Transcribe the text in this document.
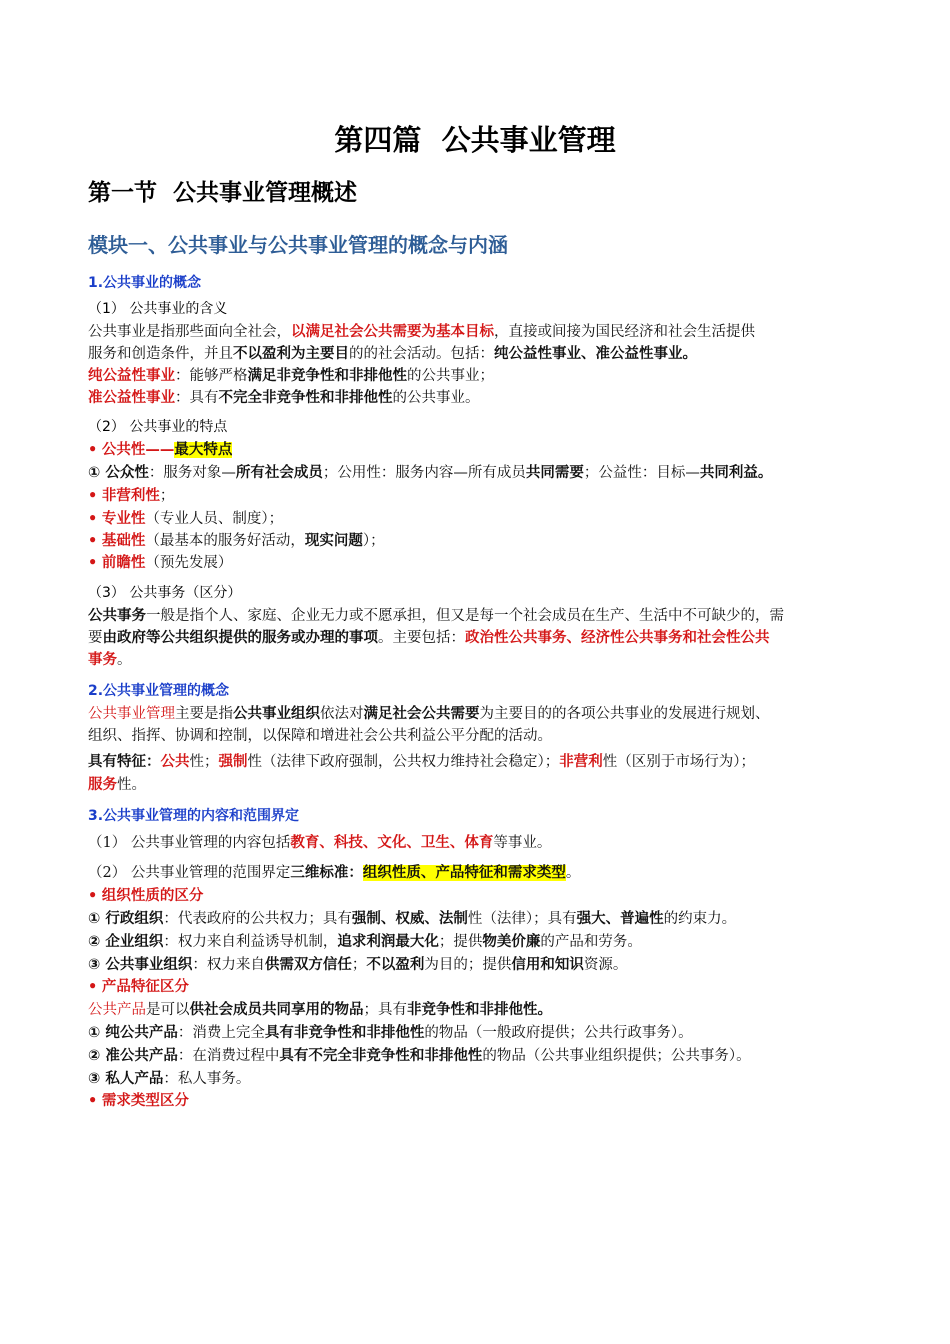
第四篇  公共事业管理
第一节  公共事业管理概述
模块一、公共事业与公共事业管理的概念与内涵
1.公共事业的概念
（1） 公共事业的含义
公共事业是指那些面向全社会，以满足社会公共需要为基本目标，直接或间接为国民经济和社会生活提供
服务和创造条件，并且不以盈利为主要目的的社会活动。包括：纯公益性事业、准公益性事业。
纯公益性事业：能够严格满足非竞争性和非排他性的公共事业；
准公益性事业：具有不完全非竞争性和非排他性的公共事业。
（2） 公共事业的特点
• 公共性——最大特点
① 公众性：服务对象—所有社会成员；公用性：服务内容—所有成员共同需要；公益性：目标—共同利益。
• 非营利性；
• 专业性（专业人员、制度）；
• 基础性（最基本的服务好活动，现实问题）；
• 前瞻性（预先发展）
（3） 公共事务（区分）
公共事务一般是指个人、家庭、企业无力或不愿承担，但又是每一个社会成员在生产、生活中不可缺少的，需
要由政府等公共组织提供的服务或办理的事项。主要包括：政治性公共事务、经济性公共事务和社会性公共
事务。
2.公共事业管理的概念
公共事业管理主要是指公共事业组织依法对满足社会公共需要为主要目的的各项公共事业的发展进行规划、
组织、指挥、协调和控制，以保障和增进社会公共利益公平分配的活动。
具有特征：公共性；强制性（法律下政府强制，公共权力维持社会稳定）；非营利性（区别于市场行为）；
服务性。
3.公共事业管理的内容和范围界定
（1） 公共事业管理的内容包括教育、科技、文化、卫生、体育等事业。
（2） 公共事业管理的范围界定三维标准：组织性质、产品特征和需求类型。
• 组织性质的区分
① 行政组织：代表政府的公共权力；具有强制、权威、法制性（法律）；具有强大、普遍性的约束力。
② 企业组织：权力来自利益诱导机制，追求利润最大化；提供物美价廉的产品和劳务。
③ 公共事业组织：权力来自供需双方信任；不以盈利为目的；提供信用和知识资源。
• 产品特征区分
公共产品是可以供社会成员共同享用的物品；具有非竞争性和非排他性。
① 纯公共产品：消费上完全具有非竞争性和非排他性的物品（一般政府提供；公共行政事务）。
② 准公共产品：在消费过程中具有不完全非竞争性和非排他性的物品（公共事业组织提供；公共事务）。
③ 私人产品：私人事务。
• 需求类型区分
